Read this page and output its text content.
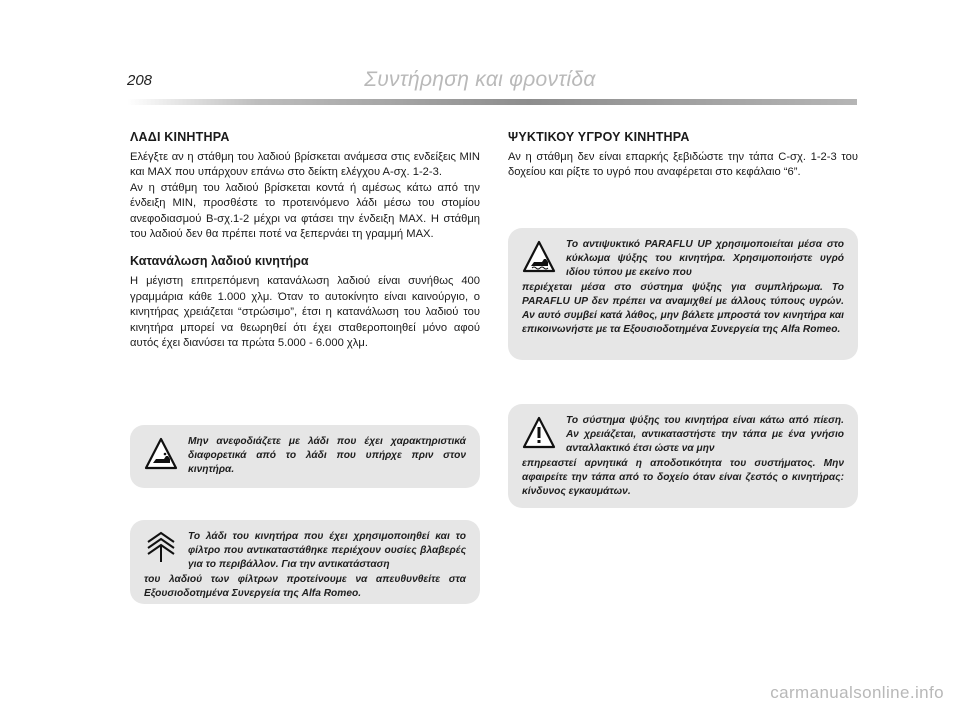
208	Συντήρηση και φροντίδα
ΛΑΔΙ ΚΙΝΗΤΗΡΑ

Ελέγξτε αν η στάθμη του λαδιού βρίσκεται ανάμεσα στις ενδείξεις MIN και MAX που υπάρχουν επάνω στο δείκτη ελέγχου Α-σχ. 1-2-3.

Αν η στάθμη του λαδιού βρίσκεται κοντά ή αμέσως κάτω από την ένδειξη MIN, προσθέστε το προτεινόμενο λάδι μέσω του στομίου ανεφοδιασμού Β-σχ.1-2 μέχρι να φτάσει την ένδειξη MAX. Η στάθμη του λαδιού δεν θα πρέπει ποτέ να ξεπερνάει τη γραμμή MAX.

Κατανάλωση λαδιού κινητήρα

Η μέγιστη επιτρεπόμενη κατανάλωση λαδιού είναι συνήθως 400 γραμμάρια κάθε 1.000 χλμ. Όταν το αυτοκίνητο είναι καινούργιο, ο κινητήρας χρειάζεται “στρώσιμο”, έτσι η κατανάλωση του λαδιού του κινητήρα μπορεί να θεωρηθεί ότι έχει σταθεροποιηθεί μόνο αφού αυτός έχει διανύσει τα πρώτα 5.000 - 6.000 χλμ.

ΨΥΚΤΙΚΟΥ ΥΓΡΟΥ ΚΙΝΗΤΗΡΑ

Αν η στάθμη δεν είναι επαρκής ξεβιδώστε την τάπα C-σχ. 1-2-3 του δοχείου και ρίξτε το υγρό που αναφέρεται στο κεφάλαιο “6”.

Μην ανεφοδιάζετε με λάδι που έχει χαρακτηριστικά διαφορετικά από το λάδι που υπήρχε πριν στον κινητήρα.
Το λάδι του κινητήρα που έχει χρησιμοποιηθεί και το φίλτρο που αντικαταστάθηκε περιέχουν ουσίες βλαβερές για το περιβάλλον. Για την αντικατάσταση
του λαδιού των φίλτρων προτείνουμε να απευθυνθείτε στα Εξουσιοδοτημένα Συνεργεία της Alfa Romeo.
Το αντιψυκτικό PARAFLU UP χρησιμοποιείται μέσα στο κύκλωμα ψύξης του κινητήρα. Χρησιμοποιήστε υγρό ιδίου τύπου με εκείνο που
περιέχεται μέσα στο σύστημα ψύξης για συμπλήρωμα. Το PARAFLU UP δεν πρέπει να αναμιχθεί με άλλους τύπους υγρών. Αν αυτό συμβεί κατά λάθος, μην βάλετε μπροστά τον κινητήρα και επικοινωνήστε με τα Εξουσιοδοτημένα Συνεργεία της Alfa Romeo.
Το σύστημα ψύξης του κινητήρα είναι κάτω από πίεση. Αν χρειάζεται, αντικαταστήστε την τάπα με ένα γνήσιο ανταλλακτικό έτσι ώστε να μην
επηρεαστεί αρνητικά η αποδοτικότητα του συστήματος. Μην αφαιρείτε την τάπα από το δοχείο όταν είναι ζεστός ο κινητήρας: κίνδυνος εγκαυμάτων.
carmanualsonline.info
